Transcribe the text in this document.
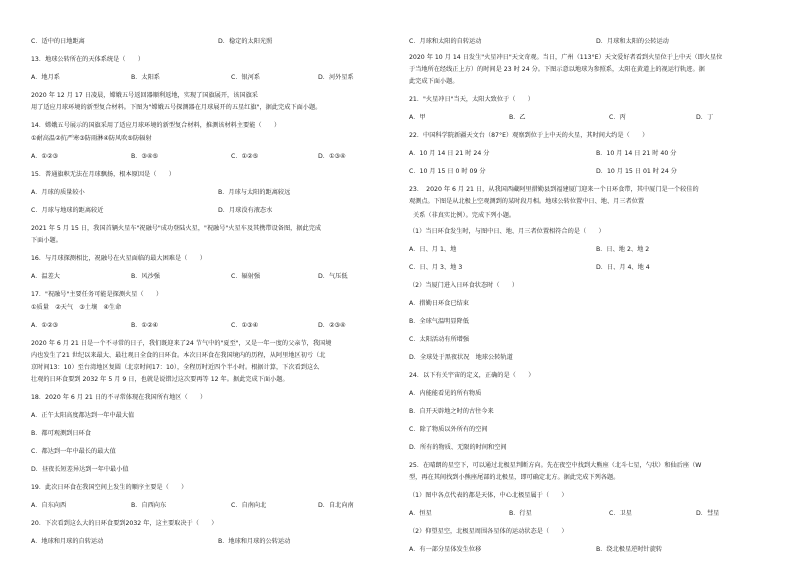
C．适中的日地距离	D．稳定的太阳光照
13．地球公转所在的天体系统是（　　）
A．地月系	B．太阳系	C．银河系	D．河外星系
2020 年 12 月 17 日凌晨，嫦娥五号返回器顺利返地，实现了国旗展开，该国旗采
用了适应月球环境的新型复合材料。下图为"嫦娥五号探测器在月球展开的五星红旗"，据此完成下面小题。
14．嫦娥五号展示的国旗采用了适应月球环境的新型复合材料，推测该材料主要能（　　）
①耐高温②抗严寒③防雨淋④防风吹⑤防辐射
A．①②③	B．③④⑤	C．①②⑤	D．①③④
15．普通旗帜无法在月球飘扬，根本原因是（　　）
A．月球的质量较小	B．月球与太阳的距离较远
C．月球与地球的距离较近	D．月球没有液态水
2021 年 5 月 15 日，我国首辆火星车"祝融号"成功登陆火星，"祝融号"火星车及其携带设备图，据此完成
下面小题。
16．与月球探测相比，祝融号在火星面临的最大困难是（　　）
A．温差大	B．风沙强	C．辐射强	D．气压低
17．"祝融号"主要任务可能是探测火星（　　）
①质量　②天气　③土壤　④生命
A．①②③	B．①②④	C．①③④	D．②③④
2020 年 6 月 21 日是一个不寻常的日子，我们既迎来了24 节气中的"夏至"，又是一年一度的父亲节，我国境
内也发生了21 世纪以来最大、最壮观日全食的日环食。本次日环食在我国境内的历程，从阿里地区初亏（北
京时间13：10）至台湾地区复圆（北京时间17：10），全程历时近四个半小时。根据计算，下次看到这么
壮观的日环食要到 2032 年 5 月 9 日，也就是说错过这次要再等 12 年。据此完成下面小题。
18．2020 年 6 月 21 日的不寻常体现在我国所有地区（　　）
A．正午太阳高度都达到一年中最大值
B．都可观测到日环食
C．都达到一年中最长的最大值
D．昼夜长短差异达到一年中最小值
19．此次日环食在我国空间上发生的顺序主要是（　　）
A．自东向西	B．自西向东	C．自南向北	D．自北向南
20．下次看到这么大的日环食要到2032 年，这主要取决于（　　）
A．地球和月球的自转运动	B．地球和月球的公转运动
C．月球和太阳的自转运动	D．月球和太阳的公转运动
2020 年 10 月 14 日发生"火星冲日"天文奇观。当日，广州（113°E）天文爱好者看到火星位于上中天（即火星位
于当地所在经线正上方）的时间是 23 时 24 分。下图示意以地球为参照系，太阳在黄道上的视运行轨迹。据
此完成下面小题。
21．"火星冲日"当天，太阳大致位于（　　）
A．甲	B．乙	C．丙	D．丁
22．中国科学院新疆天文台（87°E）观察到位于上中天的火星，其时间大约是（　　）
A．10 月 14 日 21 时 24 分	B．10 月 14 日 21 时 40 分
C．10 月 15 日 0 时 09 分	D．10 月 15 日 01 时 24 分
23．　2020 年 6 月 21 日，从我国西藏阿里措勤县到福建厦门迎来一个日环食带，其中厦门是一个较佳的
观测点。下图是从北极上空观测到的某时段月相。地球公转位置中日、地、月三者位置
关系（非真实比例）。完成下列小题。
（1）当日环食发生时，与图中日、地、月三者位置相符合的是（　　）
A．日、月 1、地	B．日、地 2、地 2
C．日、月 3、地 3	D．日、月 4、地 4
（2）当厦门进入日环食状态时（　　）
A．措勤日环食已结束
B．全球气温明显降低
C．太阳活动有所增强
D．全球处于黑夜状况　地球公转轨道
24．以下有关宇宙的定义，正确的是（　　）
A．内能能看见的所有物质
B．自开天辟地之时的古往今来
C．除了物质以外所有的空间
D．所有的物质、无限的时间和空间
25．在晴朗的星空下，可以通过北极星判断方向。先在夜空中找到大熊座（北斗七星，勺状）和仙后座（W
型，再在其间找到小熊座尾部的北极星，即可确定北方。据此完成下列各题。
（1）图中各点代表的都是天体，中心北极星属于（　　）
A．恒星	B．行星	C．卫星	D．彗星
（2）仰望星空，北极星周围各星体的运动状态是（　　）
A．有一部分星体发生位移	B．绕北极星逆时针旋转
